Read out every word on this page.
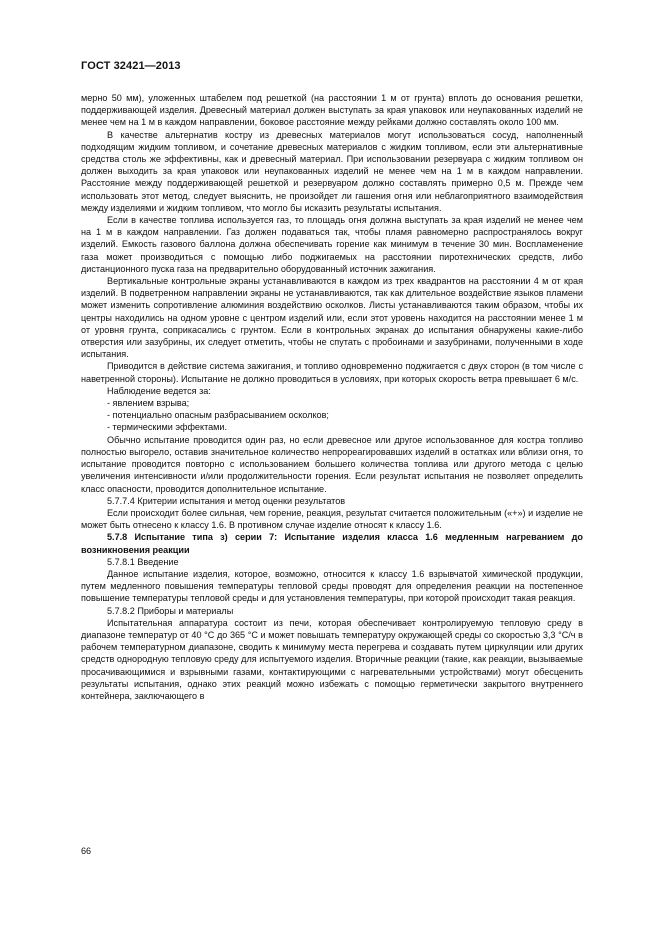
ГОСТ 32421—2013

мерно 50 мм), уложенных штабелем под решеткой (на расстоянии 1 м от грунта) вплоть до основания решетки, поддерживающей изделия. Древесный материал должен выступать за края упаковок или неупакованных изделий не менее чем на 1 м в каждом направлении, боковое расстояние между рейками должно составлять около 100 мм.

В качестве альтернатив костру из древесных материалов могут использоваться сосуд, наполненный подходящим жидким топливом, и сочетание древесных материалов с жидким топливом, если эти альтернативные средства столь же эффективны, как и древесный материал. При использовании резервуара с жидким топливом он должен выходить за края упаковок или неупакованных изделий не менее чем на 1 м в каждом направлении. Расстояние между поддерживающей решеткой и резервуаром должно составлять примерно 0,5 м. Прежде чем использовать этот метод, следует выяснить, не произойдет ли гашения огня или неблагоприятного взаимодействия между изделиями и жидким топливом, что могло бы исказить результаты испытания.

Если в качестве топлива используется газ, то площадь огня должна выступать за края изделий не менее чем на 1 м в каждом направлении. Газ должен подаваться так, чтобы пламя равномерно распространялось вокруг изделий. Емкость газового баллона должна обеспечивать горение как минимум в течение 30 мин. Воспламенение газа может производиться с помощью либо поджигаемых на расстоянии пиротехнических средств, либо дистанционного пуска газа на предварительно оборудованный источник зажигания.

Вертикальные контрольные экраны устанавливаются в каждом из трех квадрантов на расстоянии 4 м от края изделий. В подветренном направлении экраны не устанавливаются, так как длительное воздействие языков пламени может изменить сопротивление алюминия воздействию осколков. Листы устанавливаются таким образом, чтобы их центры находились на одном уровне с центром изделий или, если этот уровень находится на расстоянии менее 1 м от уровня грунта, соприкасались с грунтом. Если в контрольных экранах до испытания обнаружены какие-либо отверстия или зазубрины, их следует отметить, чтобы не спутать с пробоинами и зазубринами, полученными в ходе испытания.

Приводится в действие система зажигания, и топливо одновременно поджигается с двух сторон (в том числе с наветренной стороны). Испытание не должно проводиться в условиях, при которых скорость ветра превышает 6 м/с.

Наблюдение ведется за:

- явлением взрыва;

- потенциально опасным разбрасыванием осколков;

- термическими эффектами.

Обычно испытание проводится один раз, но если древесное или другое использованное для костра топливо полностью выгорело, оставив значительное количество непрореагировавших изделий в остатках или вблизи огня, то испытание проводится повторно с использованием большего количества топлива или другого метода с целью увеличения интенсивности и/или продолжительности горения. Если результат испытания не позволяет определить класс опасности, проводится дополнительное испытание.

5.7.7.4 Критерии испытания и метод оценки результатов

Если происходит более сильная, чем горение, реакция, результат считается положительным («+») и изделие не может быть отнесено к классу 1.6. В противном случае изделие относят к классу 1.6.

5.7.8 Испытание типа з) серии 7: Испытание изделия класса 1.6 медленным нагреванием до возникновения реакции

5.7.8.1 Введение

Данное испытание изделия, которое, возможно, относится к классу 1.6 взрывчатой химической продукции, путем медленного повышения температуры тепловой среды проводят для определения реакции на постепенное повышение температуры тепловой среды и для установления температуры, при которой происходит такая реакция.

5.7.8.2 Приборы и материалы

Испытательная аппаратура состоит из печи, которая обеспечивает контролируемую тепловую среду в диапазоне температур от 40 °С до 365 °С и может повышать температуру окружающей среды со скоростью 3,3 °С/ч в рабочем температурном диапазоне, сводить к минимуму места перегрева и создавать путем циркуляции или других средств однородную тепловую среду для испытуемого изделия. Вторичные реакции (такие, как реакции, вызываемые просачивающимися и взрывными газами, контактирующими с нагревательными устройствами) могут обесценить результаты испытания, однако этих реакций можно избежать с помощью герметически закрытого внутреннего контейнера, заключающего в

66
